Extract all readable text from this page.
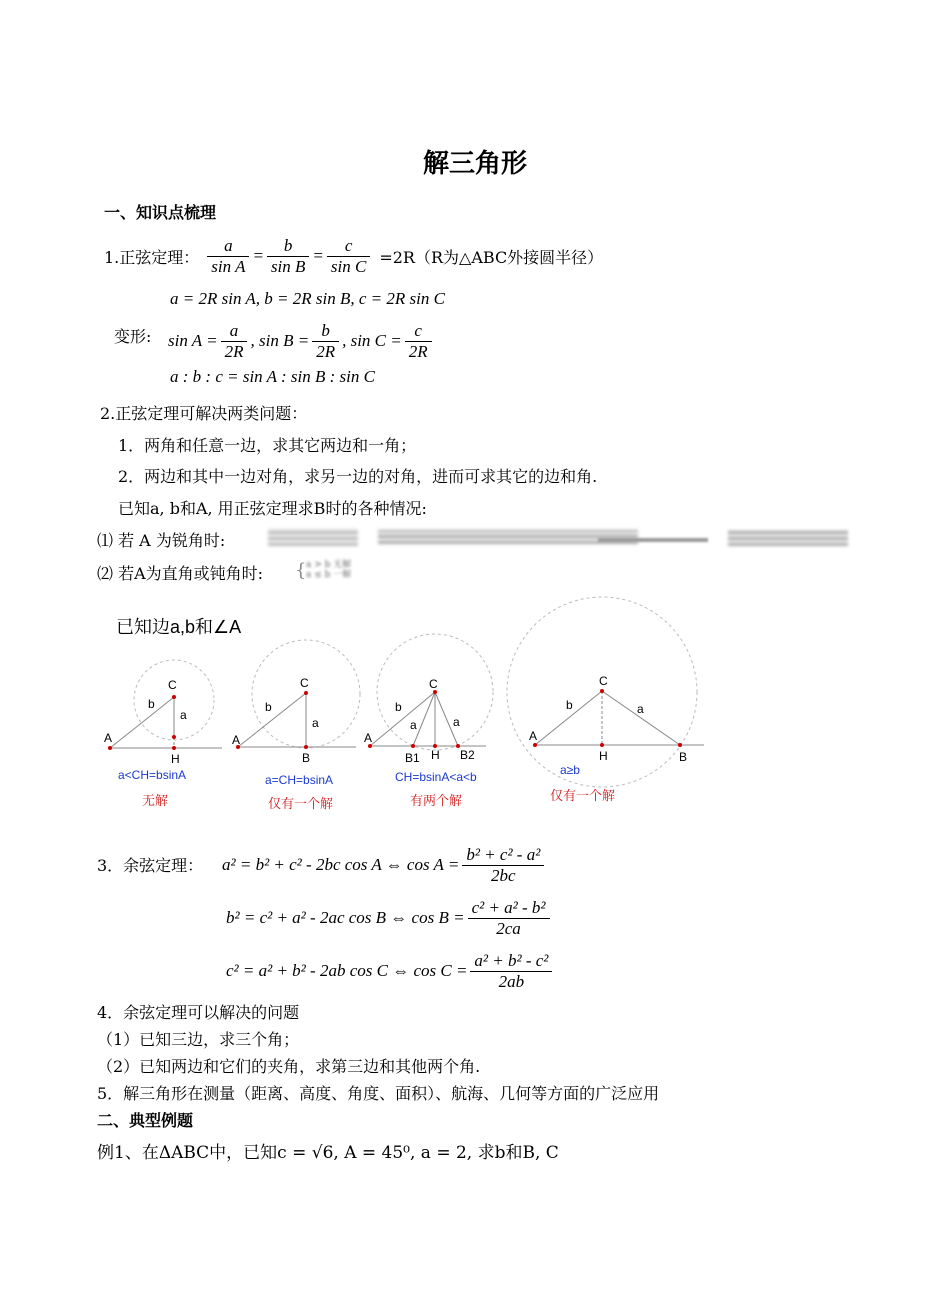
解三角形
一、知识点梳理
1.正弦定理： $\frac{a}{\text{sin A}} = \frac{b}{\text{sin B}} = \frac{c}{\text{sin C}} =2R(R$为△ABC外接圆半径）
a = 2R sin A, b = 2R sin B, c = 2R sin C
变形: $\sin A = \frac{a}{2R}$ , $\sin B = \frac{b}{2R}$ , $\sin C = \frac{c}{2R}$
a : b : c = sin A : sin B : sin C
2.正弦定理可解决两类问题：
1．两角和任意一边，求其它两边和一角；
2．两边和其中一边对角，求另一边的对角，进而可求其它的边和角.
已知a, b和A, 用正弦定理求B时的各种情况:
⑴ 若 A 为锐角时:
⑵ 若A为直角或钝角时: { a > b 无解
a ≤ b 一解
已知边a,b和∠A
A
C
b
a
H
A
C
b
a
B
A
C
b
a	a
B1 H B2
A
C
b	a
H	B
a<CH=bsinA
无解
a=CH=bsinA
仅有一个解
CH=bsinA<a<b
有两个解
a≥b
仅有一个解
3．余弦定理： a² = b² + c² - 2bc cos A ⇔ $\cos A = \frac{\text{b² + c² - a²}}{2bc}$
b² = c² + a² - 2ac cos B ⇔ $\cos B = \frac{\text{c² + a² - b²}}{2ca}$
c² = a² + b² - 2ab cos C ⇔ $\cos C = \frac{\text{a² + b² - c²}}{2ab}$
4．余弦定理可以解决的问题
（1）已知三边，求三个角；
（2）已知两边和它们的夹角，求第三边和其他两个角.
5．解三角形在测量（距离、高度、角度、面积）、航海、几何等方面的广泛应用
二、典型例题
例1、在ΔABC中，已知c = √6, A = 45⁰, a = 2, 求b和B, C
